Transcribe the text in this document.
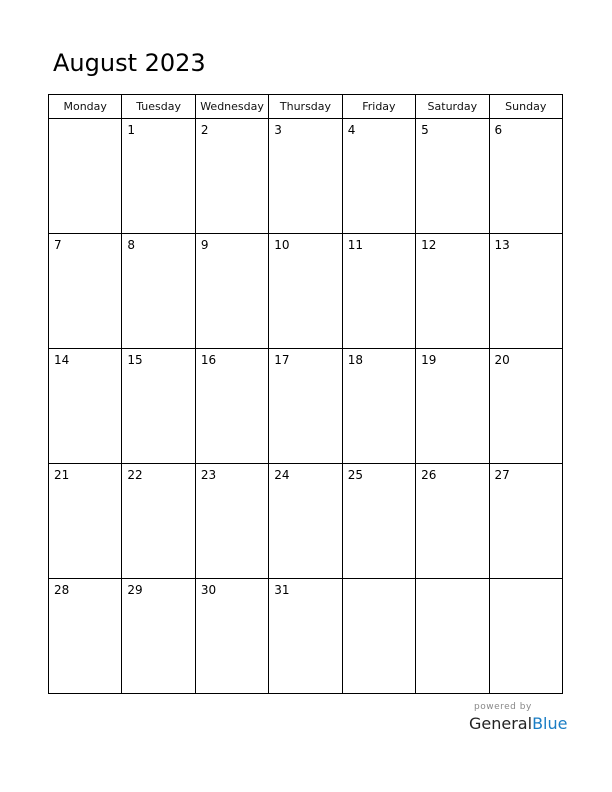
August 2023
Monday	Tuesday	Wednesday	Thursday	Friday	Saturday	Sunday

	1	2	3	4	5	6

7	8	9	10	11	12	13

14	15	16	17	18	19	20

21	22	23	24	25	26	27

28	29	30	31			

powered by
GeneralBlue
